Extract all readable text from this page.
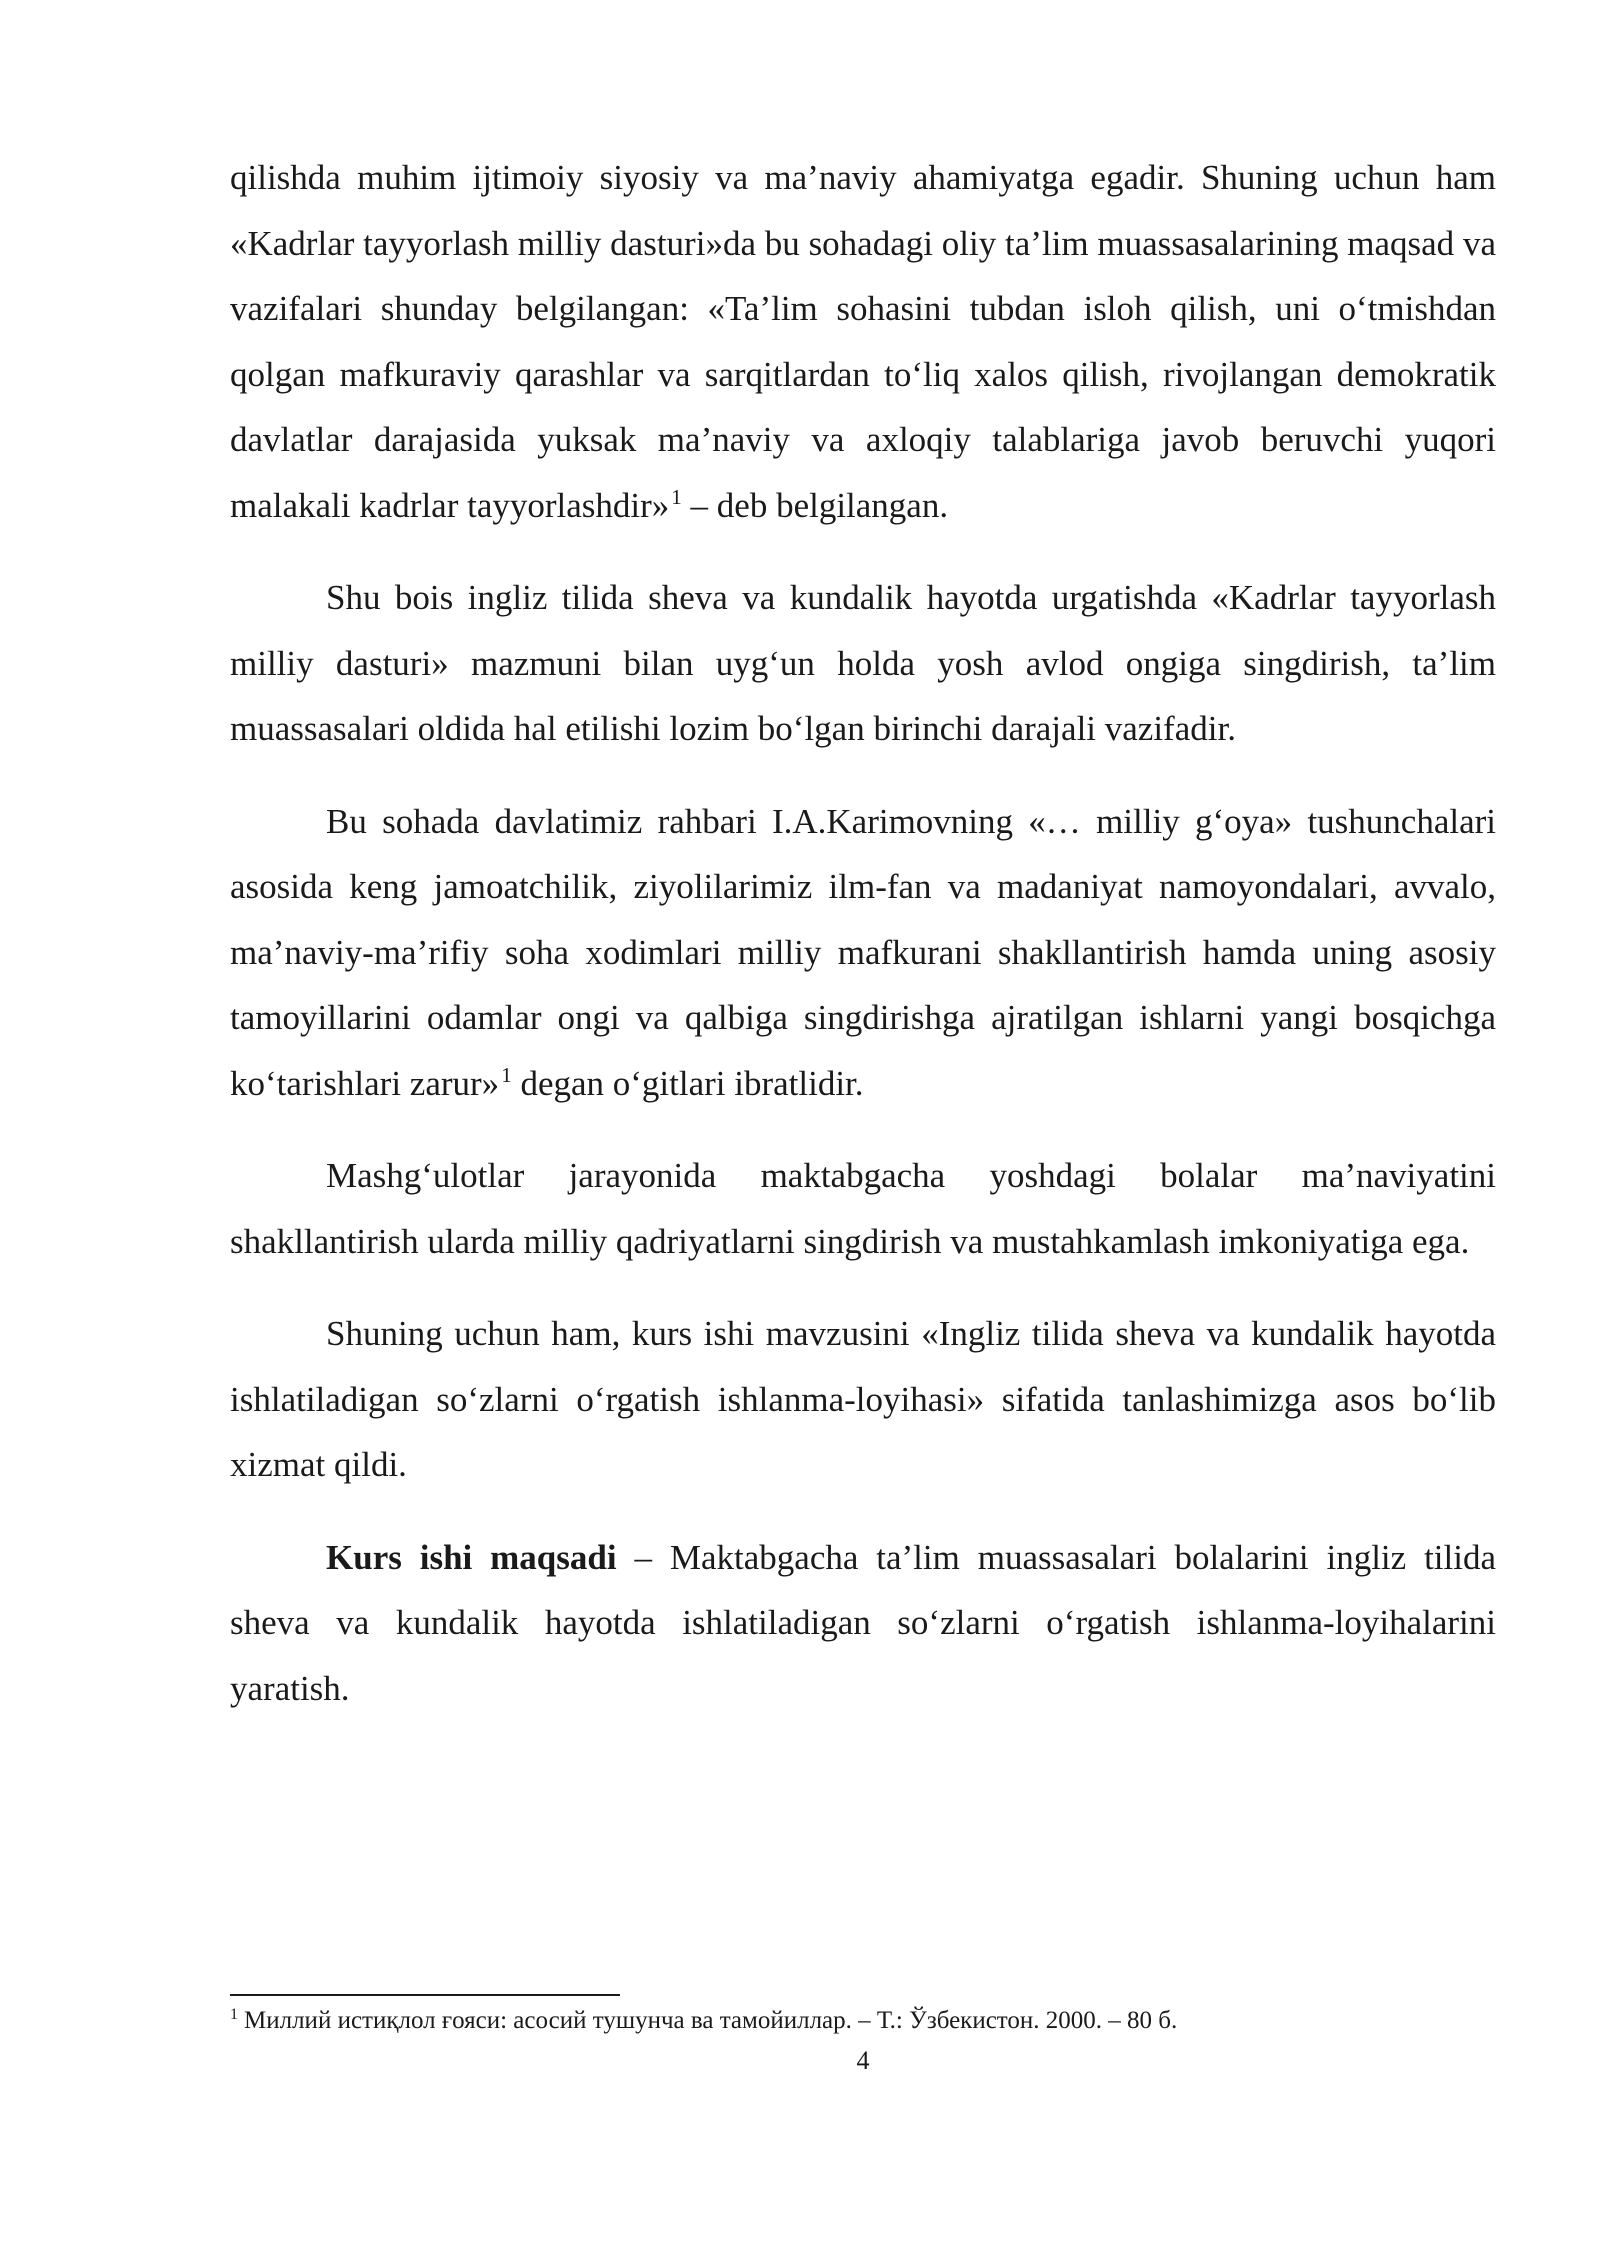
qilishda muhim ijtimoiy siyosiy va ma’naviy ahamiyatga egadir. Shuning uchun ham «Kadrlar tayyorlash milliy dasturi»da bu sohadagi oliy ta’lim muassasalarining maqsad va vazifalari shunday belgilangan: «Ta’lim sohasini tubdan isloh qilish, uni o‘tmishdan qolgan mafkuraviy qarashlar va sarqitlardan to‘liq xalos qilish, rivojlangan demokratik davlatlar darajasida yuksak ma’naviy va axloqiy talablariga javob beruvchi yuqori malakali kadrlar tayyorlashdir»$^1$ – deb belgilangan.

Shu bois ingliz tilida sheva va kundalik hayotda urgatishda «Kadrlar tayyorlash milliy dasturi» mazmuni bilan uyg‘un holda yosh avlod ongiga singdirish, ta’lim muassasalari oldida hal etilishi lozim bo‘lgan birinchi darajali vazifadir.

Bu sohada davlatimiz rahbari I.A.Karimovning «… milliy g‘oya» tushunchalari asosida keng jamoatchilik, ziyolilarimiz ilm-fan va madaniyat namoyondalari, avvalo, ma’naviy-ma’rifiy soha xodimlari milliy mafkurani shakllantirish hamda uning asosiy tamoyillarini odamlar ongi va qalbiga singdirishga ajratilgan ishlarni yangi bosqichga ko‘tarishlari zarur»$^1$ degan o‘gitlari ibratlidir.

Mashg‘ulotlar jarayonida maktabgacha yoshdagi bolalar ma’naviyatini shakllantirish ularda milliy qadriyatlarni singdirish va mustahkamlash imkoniyatiga ega.

Shuning uchun ham, kurs ishi mavzusini «Ingliz tilida sheva va kundalik hayotda ishlatiladigan so‘zlarni o‘rgatish ishlanma-loyihasi» sifatida tanlashimizga asos bo‘lib xizmat qildi.

Kurs ishi maqsadi – Maktabgacha ta’lim muassasalari bolalarini ingliz tilida sheva va kundalik hayotda ishlatiladigan so‘zlarni o‘rgatish ishlanma-loyihalarini yaratish.

$^1$ Миллий истиқлол ғояси: асосий тушунча ва тамойиллар. – Т.: Ўзбекистон. 2000. – 80 б.
4
